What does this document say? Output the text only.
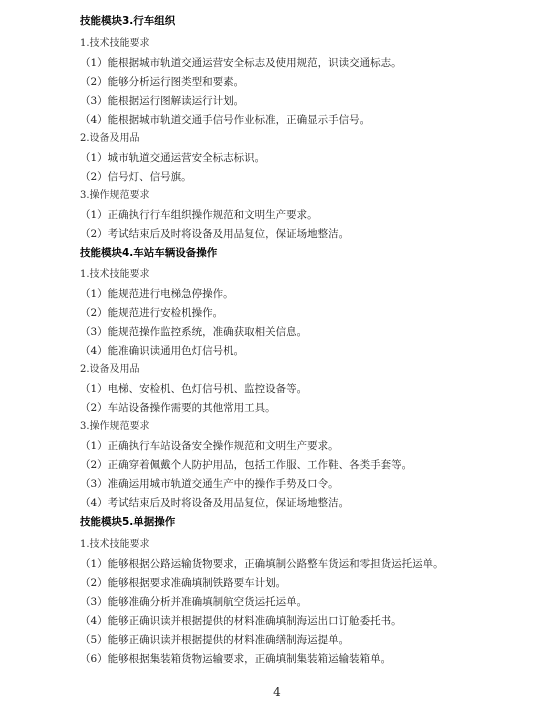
技能模块3.行车组织
1.技术技能要求
（1）能根据城市轨道交通运营安全标志及使用规范，识读交通标志。
（2）能够分析运行图类型和要素。
（3）能根据运行图解读运行计划。
（4）能根据城市轨道交通手信号作业标准，正确显示手信号。
2.设备及用品
（1）城市轨道交通运营安全标志标识。
（2）信号灯、信号旗。
3.操作规范要求
（1）正确执行行车组织操作规范和文明生产要求。
（2）考试结束后及时将设备及用品复位，保证场地整洁。
技能模块4.车站车辆设备操作
1.技术技能要求
（1）能规范进行电梯急停操作。
（2）能规范进行安检机操作。
（3）能规范操作监控系统，准确获取相关信息。
（4）能准确识读通用色灯信号机。
2.设备及用品
（1）电梯、安检机、色灯信号机、监控设备等。
（2）车站设备操作需要的其他常用工具。
3.操作规范要求
（1）正确执行车站设备安全操作规范和文明生产要求。
（2）正确穿着佩戴个人防护用品，包括工作服、工作鞋、各类手套等。
（3）准确运用城市轨道交通生产中的操作手势及口令。
（4）考试结束后及时将设备及用品复位，保证场地整洁。
技能模块5.单据操作
1.技术技能要求
（1）能够根据公路运输货物要求，正确填制公路整车货运和零担货运托运单。
（2）能够根据要求准确填制铁路要车计划。
（3）能够准确分析并准确填制航空货运托运单。
（4）能够正确识读并根据提供的材料准确填制海运出口订舱委托书。
（5）能够正确识读并根据提供的材料准确缮制海运提单。
（6）能够根据集装箱货物运输要求，正确填制集装箱运输装箱单。
4
